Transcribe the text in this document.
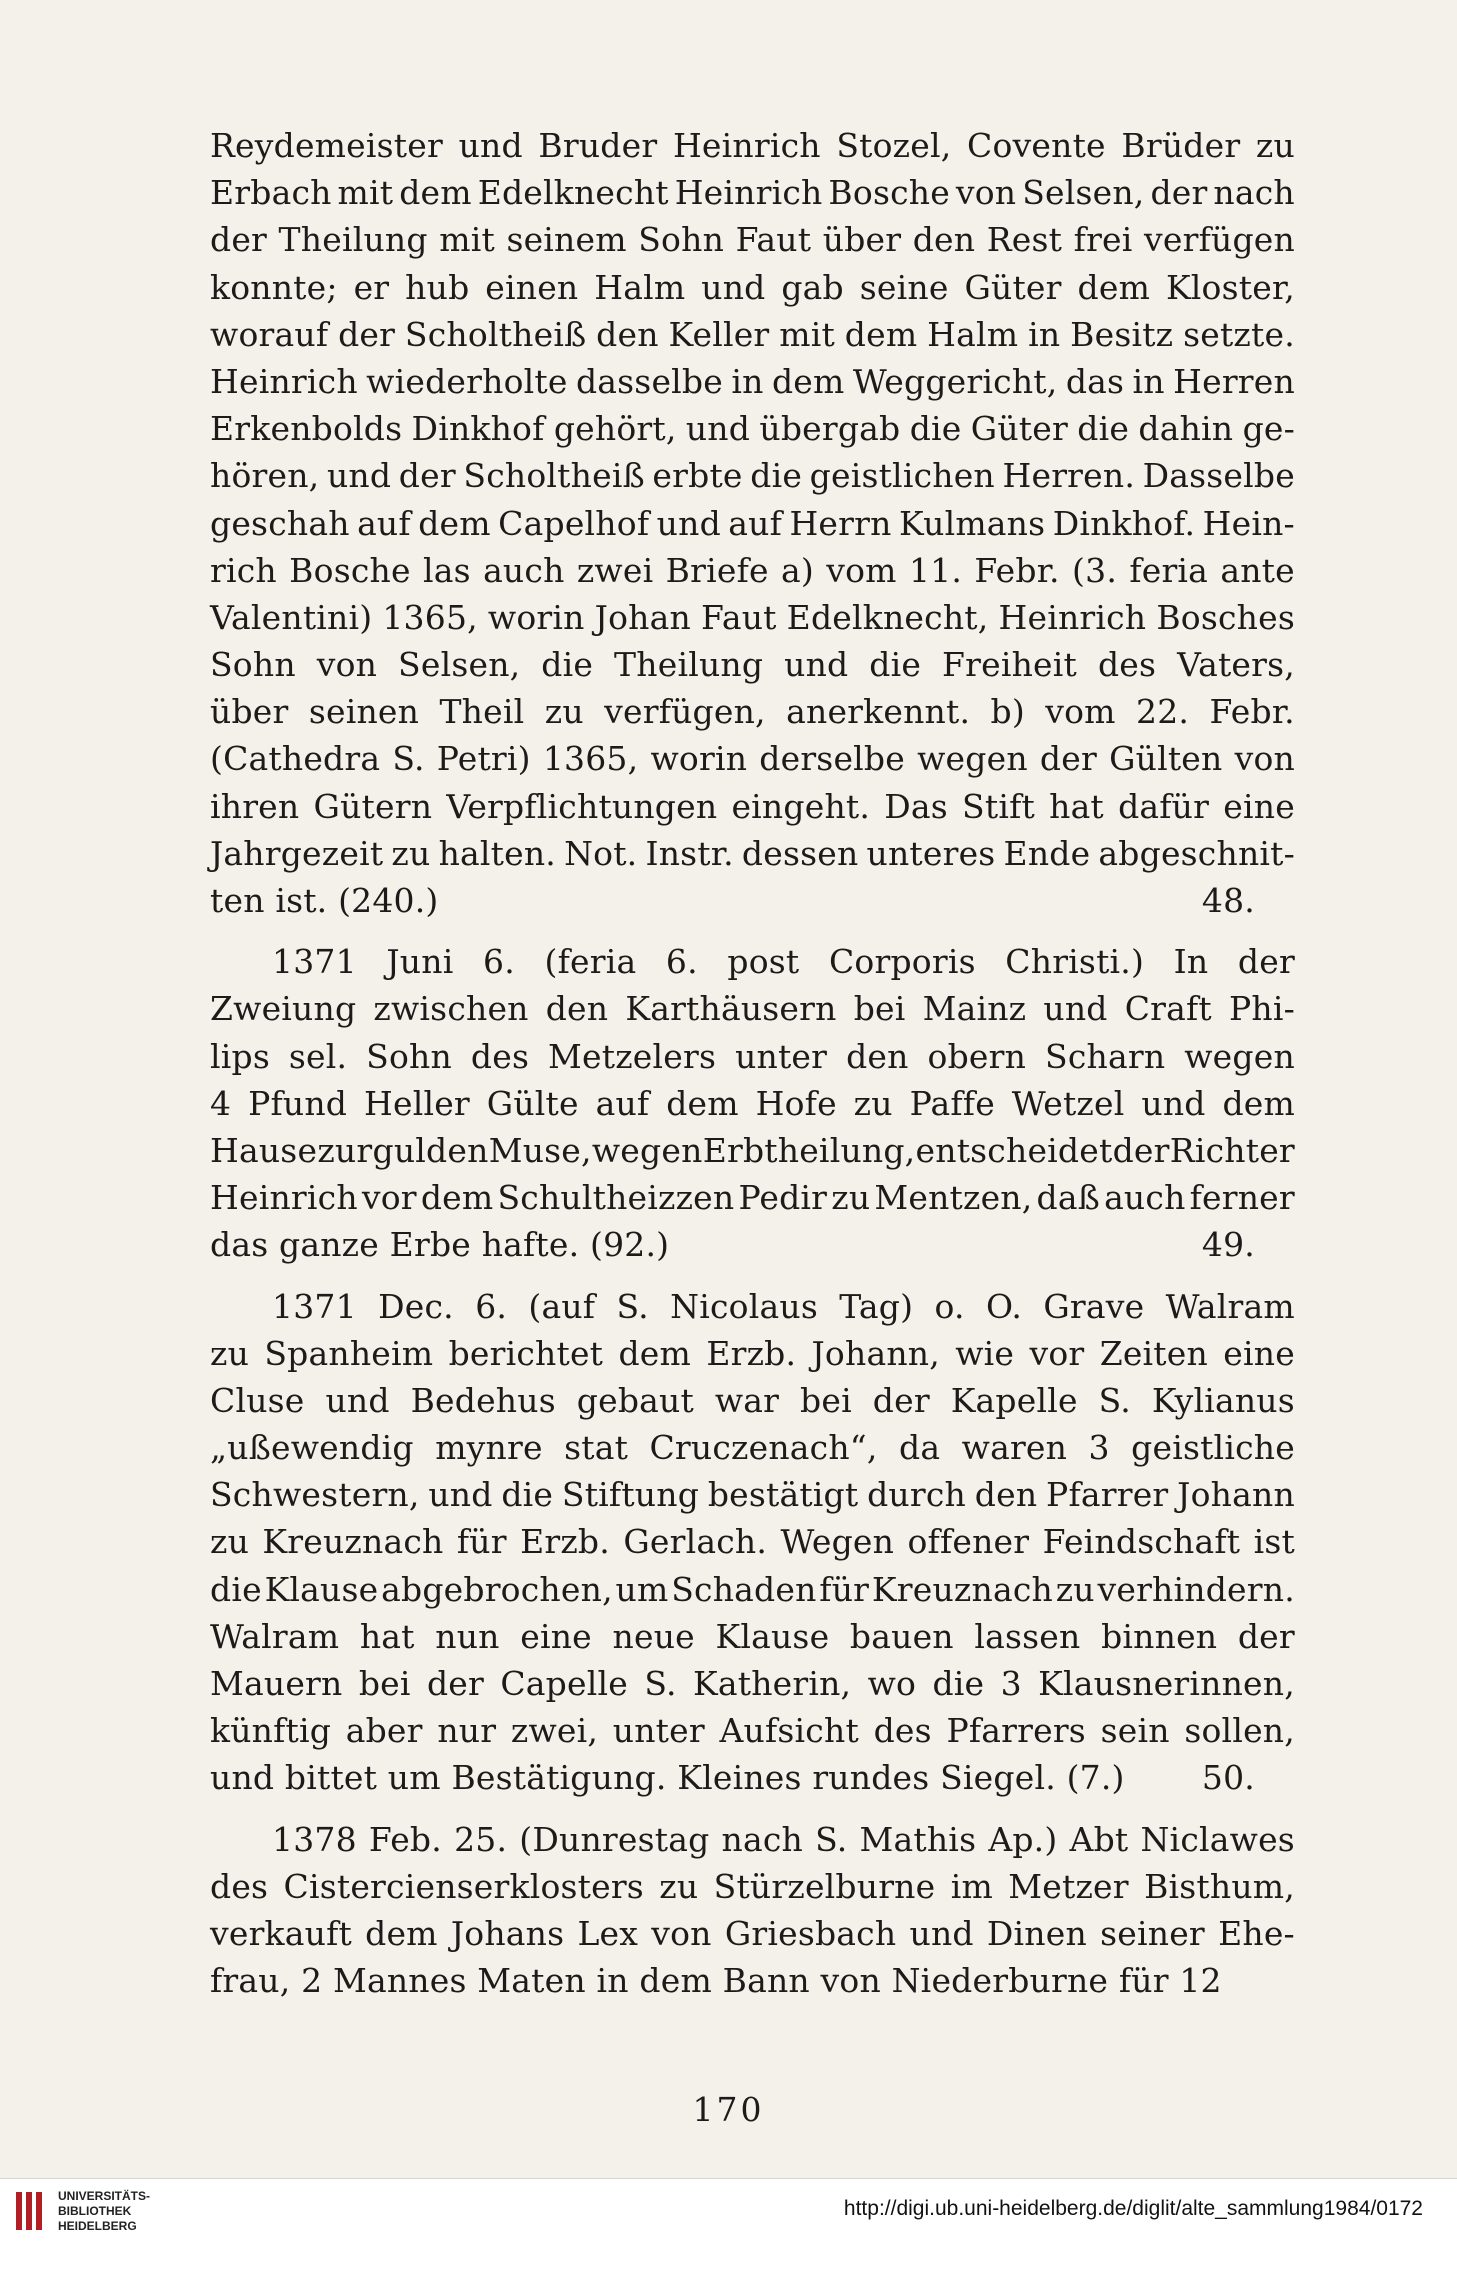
Reydemeister und Bruder Heinrich Stozel, Covente Brüder zu
Erbach mit dem Edelknecht Heinrich Bosche von Selsen, der nach
der Theilung mit seinem Sohn Faut über den Rest frei verfügen
konnte; er hub einen Halm und gab seine Güter dem Kloster,
worauf der Scholtheiß den Keller mit dem Halm in Besitz setzte.
Heinrich wiederholte dasselbe in dem Weggericht, das in Herren
Erkenbolds Dinkhof gehört, und übergab die Güter die dahin ge-
hören, und der Scholtheiß erbte die geistlichen Herren. Dasselbe
geschah auf dem Capelhof und auf Herrn Kulmans Dinkhof. Hein-
rich Bosche las auch zwei Briefe a) vom 11. Febr. (3. feria ante
Valentini) 1365, worin Johan Faut Edelknecht, Heinrich Bosches
Sohn von Selsen, die Theilung und die Freiheit des Vaters,
über seinen Theil zu verfügen, anerkennt. b) vom 22. Febr.
(Cathedra S. Petri) 1365, worin derselbe wegen der Gülten von
ihren Gütern Verpflichtungen eingeht. Das Stift hat dafür eine
Jahrgezeit zu halten. Not. Instr. dessen unteres Ende abgeschnit-
ten ist. (240.)	48.
1371 Juni 6. (feria 6. post Corporis Christi.) In der
Zweiung zwischen den Karthäusern bei Mainz und Craft Phi-
lips sel. Sohn des Metzelers unter den obern Scharn wegen
4 Pfund Heller Gülte auf dem Hofe zu Paffe Wetzel und dem
Hause zur gulden Muse, wegen Erbtheilung, entscheidet der Richter
Heinrich vor dem Schultheizzen Pedir zu Mentzen, daß auch ferner
das ganze Erbe hafte. (92.)	49.
1371 Dec. 6. (auf S. Nicolaus Tag) o. O. Grave Walram
zu Spanheim berichtet dem Erzb. Johann, wie vor Zeiten eine
Cluse und Bedehus gebaut war bei der Kapelle S. Kylianus
„ußewendig mynre stat Cruczenach“, da waren 3 geistliche
Schwestern, und die Stiftung bestätigt durch den Pfarrer Johann
zu Kreuznach für Erzb. Gerlach. Wegen offener Feindschaft ist
die Klause abgebrochen, um Schaden für Kreuznach zu verhindern.
Walram hat nun eine neue Klause bauen lassen binnen der
Mauern bei der Capelle S. Katherin, wo die 3 Klausnerinnen,
künftig aber nur zwei, unter Aufsicht des Pfarrers sein sollen,
und bittet um Bestätigung. Kleines rundes Siegel. (7.) 50.
1378 Feb. 25. (Dunrestag nach S. Mathis Ap.) Abt Niclawes
des Cistercienserklosters zu Stürzelburne im Metzer Bisthum,
verkauft dem Johans Lex von Griesbach und Dinen seiner Ehe-
frau, 2 Mannes Maten in dem Bann von Niederburne für 12
170
UNIVERSITÄTS-
BIBLIOTHEK
HEIDELBERG
http://digi.ub.uni-heidelberg.de/diglit/alte_sammlung1984/0172
